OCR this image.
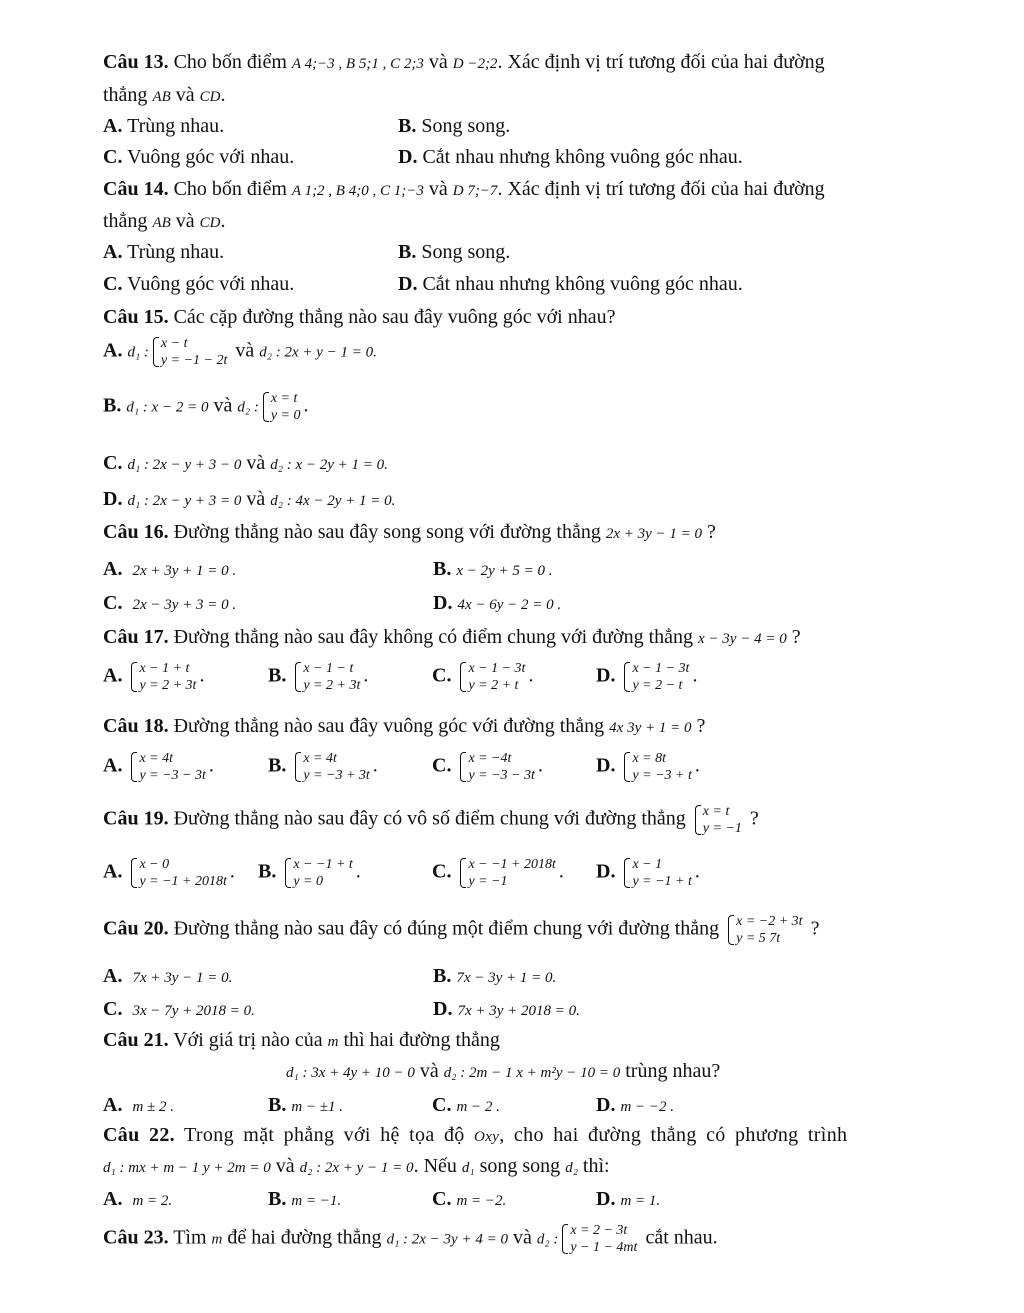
Câu 13. Cho bốn điểm A 4;−3 , B 5;1 , C 2;3 và D −2;2. Xác định vị trí tương đối của hai đường
thẳng AB và CD.
A. Trùng nhau.	B. Song song.
C. Vuông góc với nhau.	D. Cắt nhau nhưng không vuông góc nhau.
Câu 14. Cho bốn điểm A 1;2 , B 4;0 , C 1;−3 và D 7;−7. Xác định vị trí tương đối của hai đường
thẳng AB và CD.
A. Trùng nhau.	B. Song song.
C. Vuông góc với nhau.	D. Cắt nhau nhưng không vuông góc nhau.
Câu 15. Các cặp đường thẳng nào sau đây vuông góc với nhau?
A. d₁ :
x − t
y = −1 − 2t và d₂ : 2x + y − 1 = 0.
B. d₁ : x − 2 = 0 và d₂ :
x = t
y = 0 .
C. d₁ : 2x − y + 3 − 0 và d₂ : x − 2y + 1 = 0.
D. d₁ : 2x − y + 3 = 0 và d₂ : 4x − 2y + 1 = 0.
Câu 16. Đường thẳng nào sau đây song song với đường thẳng 2x + 3y − 1 = 0 ?
A. 2x + 3y + 1 = 0 .	B. x − 2y + 5 = 0 .
C. 2x − 3y + 3 = 0 .	D. 4x − 6y − 2 = 0 .
Câu 17. Đường thẳng nào sau đây không có điểm chung với đường thẳng x − 3y − 4 = 0 ?
A. x − 1 + t
y = 2 + 3t .	B. x − 1 − t
y = 2 + 3t .	C. x − 1 − 3t
y = 2 + t .	D. x − 1 − 3t
y = 2 − t .
Câu 18. Đường thẳng nào sau đây vuông góc với đường thẳng 4x 3y + 1 = 0 ?
A. x = 4t
y = −3 − 3t .	B. x = 4t
y = −3 + 3t .	C. x = −4t
y = −3 − 3t .	D. x = 8t
y = −3 + t .
Câu 19. Đường thẳng nào sau đây có vô số điểm chung với đường thẳng x = t
y = −1 ?
A. x − 0
y = −1 + 2018t . B. x − −1 + t
y = 0	.	C. x − −1 + 2018t
y = −1	. D. x − 1
y = −1 + t .
Câu 20. Đường thẳng nào sau đây có đúng một điểm chung với đường thẳng x = −2 + 3t
y = 5 7t	?
A. 7x + 3y − 1 = 0.	B. 7x − 3y + 1 = 0.
C. 3x − 7y + 2018 = 0.	D. 7x + 3y + 2018 = 0.
Câu 21. Với giá trị nào của m thì hai đường thẳng
d₁ : 3x + 4y + 10 − 0 và d₂ : 2m − 1 x + m²y − 10 = 0 trùng nhau?
A. m ± 2 .	B. m − ±1 .	C. m − 2 .	D. m − −2 .
Câu 22. Trong mặt phẳng với hệ tọa độ Oxy, cho hai đường thẳng có phương trình
d₁ : mx + m − 1 y + 2m = 0 và d₂ : 2x + y − 1 = 0. Nếu d₁ song song d₂ thì:
A. m = 2.	B. m = −1.	C. m = −2.	D. m = 1.
Câu 23. Tìm m để hai đường thẳng d₁ : 2x − 3y + 4 = 0 và d₂ :
x = 2 − 3t
y − 1 − 4mt cắt nhau.
